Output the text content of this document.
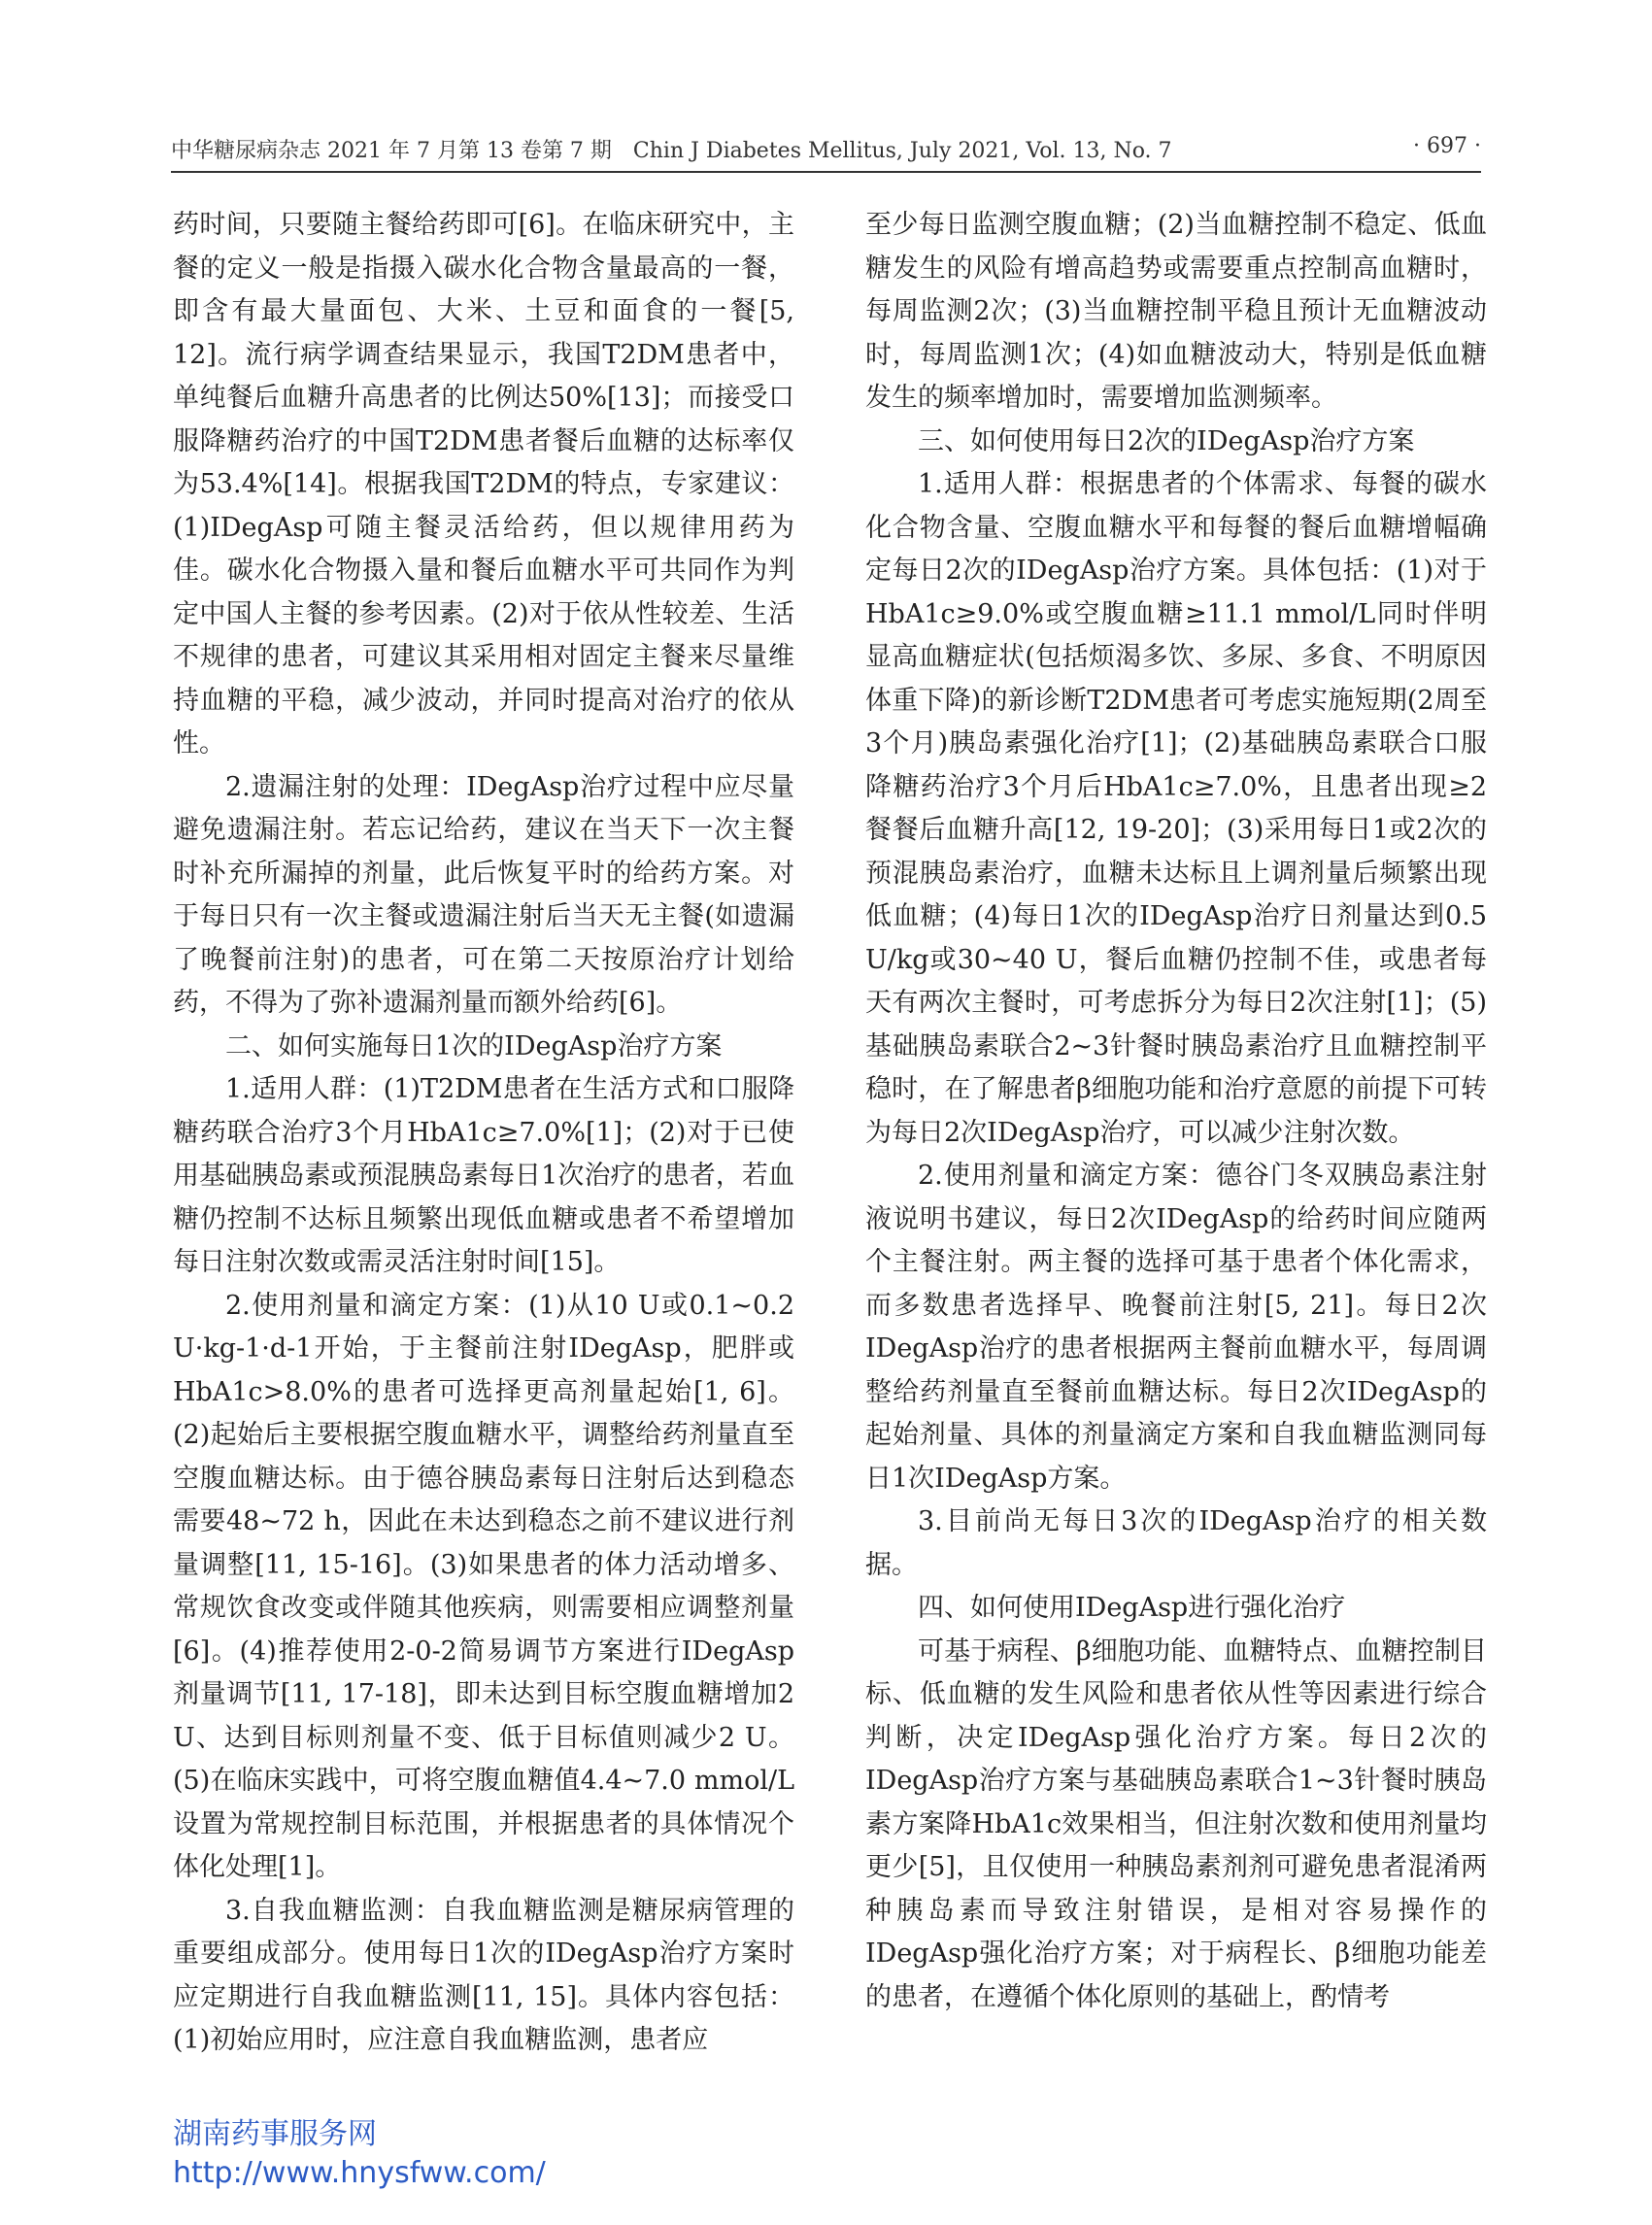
中华糖尿病杂志 2021 年 7 月第 13 卷第 7 期　Chin J Diabetes Mellitus, July 2021, Vol. 13, No. 7	· 697 ·

药时间，只要随主餐给药即可[6]。在临床研究中，主餐的定义一般是指摄入碳水化合物含量最高的一餐，即含有最大量面包、大米、土豆和面食的一餐[5, 12]。流行病学调查结果显示，我国T2DM患者中，单纯餐后血糖升高患者的比例达50%[13]；而接受口服降糖药治疗的中国T2DM患者餐后血糖的达标率仅为53.4%[14]。根据我国T2DM的特点，专家建议：(1)IDegAsp可随主餐灵活给药，但以规律用药为佳。碳水化合物摄入量和餐后血糖水平可共同作为判定中国人主餐的参考因素。(2)对于依从性较差、生活不规律的患者，可建议其采用相对固定主餐来尽量维持血糖的平稳，减少波动，并同时提高对治疗的依从性。

2.遗漏注射的处理：IDegAsp治疗过程中应尽量避免遗漏注射。若忘记给药，建议在当天下一次主餐时补充所漏掉的剂量，此后恢复平时的给药方案。对于每日只有一次主餐或遗漏注射后当天无主餐(如遗漏了晚餐前注射)的患者，可在第二天按原治疗计划给药，不得为了弥补遗漏剂量而额外给药[6]。

二、如何实施每日1次的IDegAsp治疗方案

1.适用人群：(1)T2DM患者在生活方式和口服降糖药联合治疗3个月HbA1c≥7.0%[1]；(2)对于已使用基础胰岛素或预混胰岛素每日1次治疗的患者，若血糖仍控制不达标且频繁出现低血糖或患者不希望增加每日注射次数或需灵活注射时间[15]。

2.使用剂量和滴定方案：(1)从10 U或0.1~0.2 U·kg-1·d-1开始，于主餐前注射IDegAsp，肥胖或HbA1c>8.0%的患者可选择更高剂量起始[1, 6]。(2)起始后主要根据空腹血糖水平，调整给药剂量直至空腹血糖达标。由于德谷胰岛素每日注射后达到稳态需要48~72 h，因此在未达到稳态之前不建议进行剂量调整[11, 15-16]。(3)如果患者的体力活动增多、常规饮食改变或伴随其他疾病，则需要相应调整剂量[6]。(4)推荐使用2-0-2简易调节方案进行IDegAsp剂量调节[11, 17-18]，即未达到目标空腹血糖增加2 U、达到目标则剂量不变、低于目标值则减少2 U。(5)在临床实践中，可将空腹血糖值4.4~7.0 mmol/L设置为常规控制目标范围，并根据患者的具体情况个体化处理[1]。

3.自我血糖监测：自我血糖监测是糖尿病管理的重要组成部分。使用每日1次的IDegAsp治疗方案时应定期进行自我血糖监测[11, 15]。具体内容包括：(1)初始应用时，应注意自我血糖监测，患者应

至少每日监测空腹血糖；(2)当血糖控制不稳定、低血糖发生的风险有增高趋势或需要重点控制高血糖时，每周监测2次；(3)当血糖控制平稳且预计无血糖波动时，每周监测1次；(4)如血糖波动大，特别是低血糖发生的频率增加时，需要增加监测频率。

三、如何使用每日2次的IDegAsp治疗方案

1.适用人群：根据患者的个体需求、每餐的碳水化合物含量、空腹血糖水平和每餐的餐后血糖增幅确定每日2次的IDegAsp治疗方案。具体包括：(1)对于HbA1c≥9.0%或空腹血糖≥11.1 mmol/L同时伴明显高血糖症状(包括烦渴多饮、多尿、多食、不明原因体重下降)的新诊断T2DM患者可考虑实施短期(2周至3个月)胰岛素强化治疗[1]；(2)基础胰岛素联合口服降糖药治疗3个月后HbA1c≥7.0%，且患者出现≥2餐餐后血糖升高[12, 19-20]；(3)采用每日1或2次的预混胰岛素治疗，血糖未达标且上调剂量后频繁出现低血糖；(4)每日1次的IDegAsp治疗日剂量达到0.5 U/kg或30~40 U，餐后血糖仍控制不佳，或患者每天有两次主餐时，可考虑拆分为每日2次注射[1]；(5)基础胰岛素联合2~3针餐时胰岛素治疗且血糖控制平稳时，在了解患者β细胞功能和治疗意愿的前提下可转为每日2次IDegAsp治疗，可以减少注射次数。

2.使用剂量和滴定方案：德谷门冬双胰岛素注射液说明书建议，每日2次IDegAsp的给药时间应随两个主餐注射。两主餐的选择可基于患者个体化需求，而多数患者选择早、晚餐前注射[5, 21]。每日2次IDegAsp治疗的患者根据两主餐前血糖水平，每周调整给药剂量直至餐前血糖达标。每日2次IDegAsp的起始剂量、具体的剂量滴定方案和自我血糖监测同每日1次IDegAsp方案。

3.目前尚无每日3次的IDegAsp治疗的相关数据。

四、如何使用IDegAsp进行强化治疗

可基于病程、β细胞功能、血糖特点、血糖控制目标、低血糖的发生风险和患者依从性等因素进行综合判断，决定IDegAsp强化治疗方案。每日2次的IDegAsp治疗方案与基础胰岛素联合1~3针餐时胰岛素方案降HbA1c效果相当，但注射次数和使用剂量均更少[5]，且仅使用一种胰岛素剂剂可避免患者混淆两种胰岛素而导致注射错误，是相对容易操作的IDegAsp强化治疗方案；对于病程长、β细胞功能差的患者，在遵循个体化原则的基础上，酌情考

湖南药事服务网
http://www.hnysfww.com/
